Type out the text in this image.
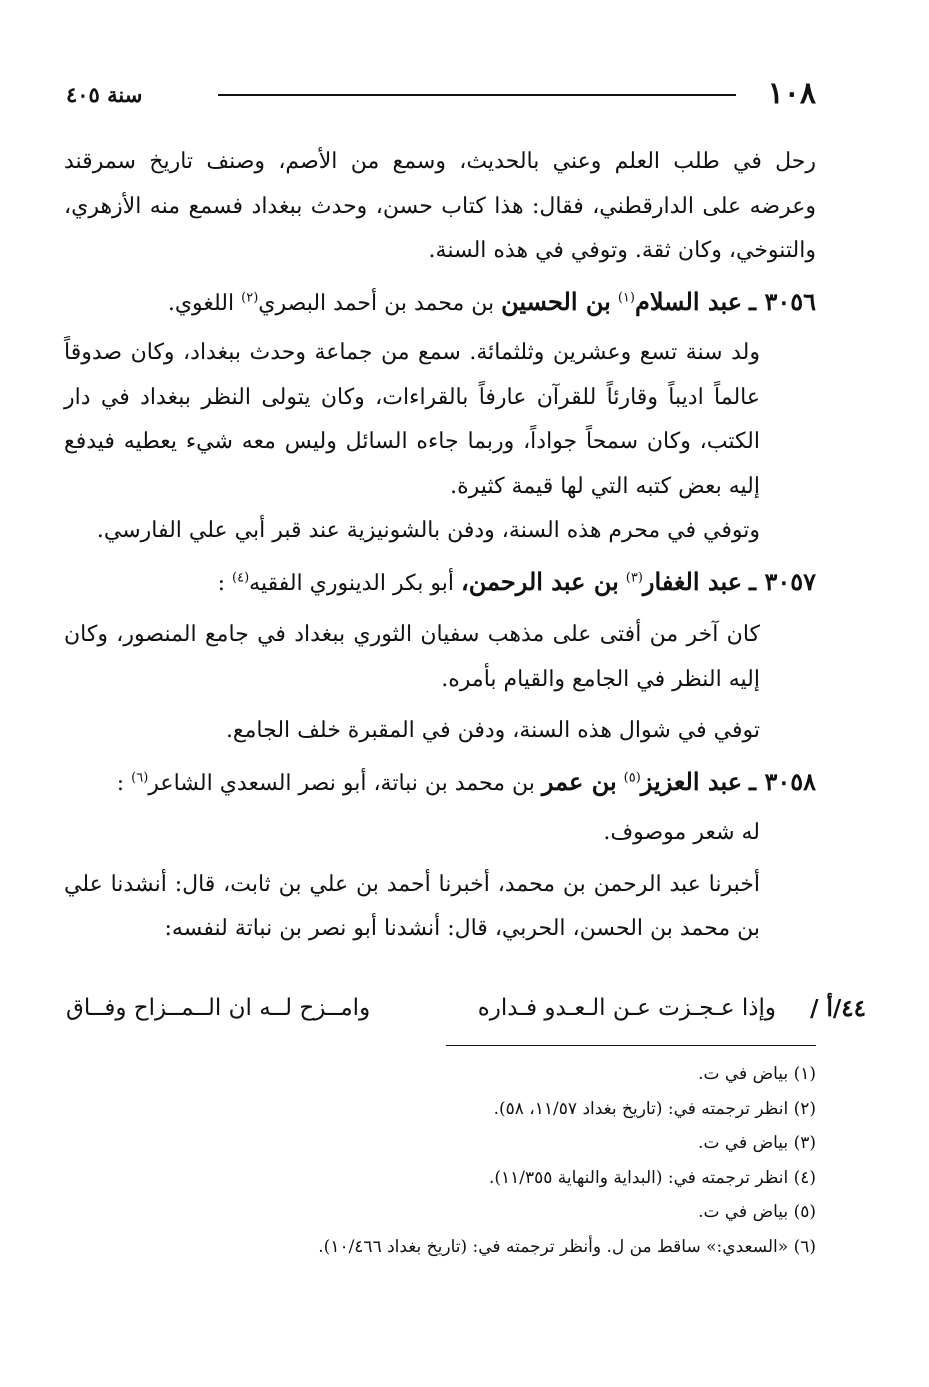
١٠٨
سنة ٤٠٥

رحل في طلب العلم وعني بالحديث، وسمع من الأصم، وصنف تاريخ سمرقند وعرضه على الدارقطني، فقال: هذا كتاب حسن، وحدث ببغداد فسمع منه الأزهري، والتنوخي، وكان ثقة. وتوفي في هذه السنة.

٣٠٥٦ ـ عبد السلام$^{(١)}$ بن الحسين بن محمد بن أحمد البصري$^{(٢)}$ اللغوي.

ولد سنة تسع وعشرين وثلثمائة. سمع من جماعة وحدث ببغداد، وكان صدوقاً عالماً اديباً وقارئاً للقرآن عارفاً بالقراءات، وكان يتولى النظر ببغداد في دار الكتب، وكان سمحاً جواداً، وربما جاءه السائل وليس معه شيء يعطيه فيدفع إليه بعض كتبه التي لها قيمة كثيرة.

وتوفي في محرم هذه السنة، ودفن بالشونيزية عند قبر أبي علي الفارسي.

٣٠٥٧ ـ عبد الغفار$^{(٣)}$ بن عبد الرحمن، أبو بكر الدينوري الفقيه$^{(٤)}$ :

كان آخر من أفتى على مذهب سفيان الثوري ببغداد في جامع المنصور، وكان إليه النظر في الجامع والقيام بأمره.

توفي في شوال هذه السنة، ودفن في المقبرة خلف الجامع.

٣٠٥٨ ـ عبد العزيز$^{(٥)}$ بن عمر بن محمد بن نباتة، أبو نصر السعدي الشاعر$^{(٦)}$ :

له شعر موصوف.

أخبرنا عبد الرحمن بن محمد، أخبرنا أحمد بن علي بن ثابت، قال: أنشدنا علي بن محمد بن الحسن، الحربي، قال: أنشدنا أبو نصر بن نباتة لنفسه:

٤٤/أ /
وإذا عـجـزت عـن الـعـدو فـداره
وامــزح لــه ان الــمــزاح وفــاق
(١) بياض في ت.
(٢) انظر ترجمته في: (تاريخ بغداد ١١/٥٧، ٥٨).
(٣) بياض في ت.
(٤) انظر ترجمته في: (البداية والنهاية ١١/٣٥٥).
(٥) بياض في ت.
(٦) «السعدي:» ساقط من ل. وأنظر ترجمته في: (تاريخ بغداد ١٠/٤٦٦).
